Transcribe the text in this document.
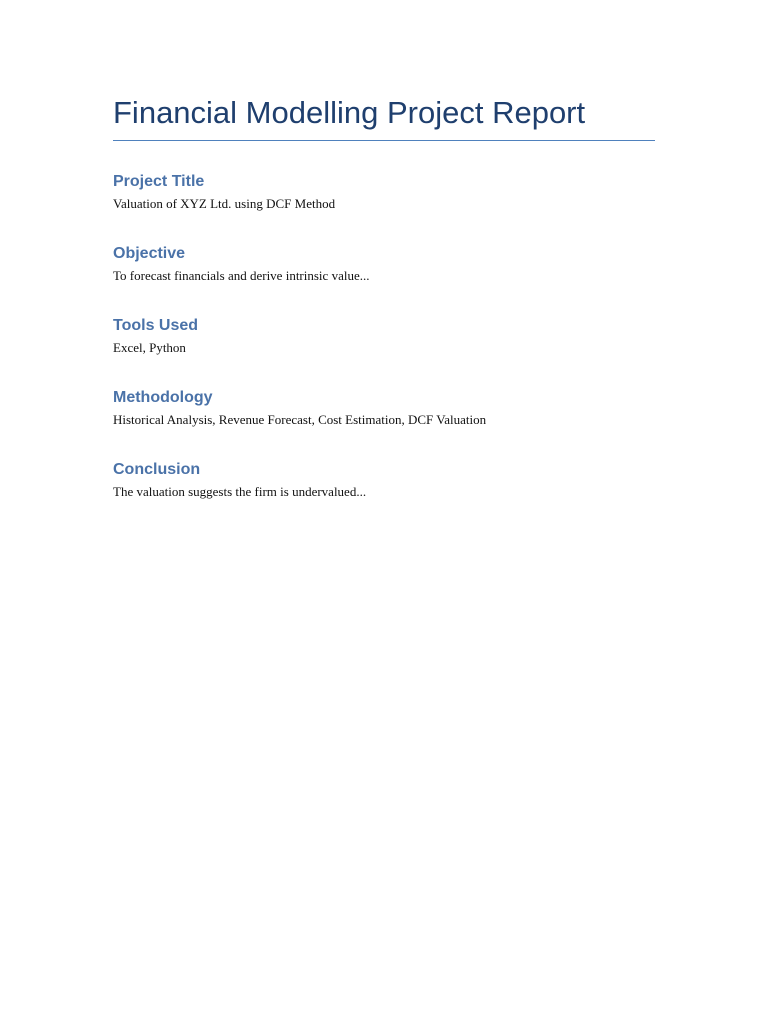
Financial Modelling Project Report
Project Title

Valuation of XYZ Ltd. using DCF Method

Objective

To forecast financials and derive intrinsic value...

Tools Used

Excel, Python

Methodology

Historical Analysis, Revenue Forecast, Cost Estimation, DCF Valuation

Conclusion

The valuation suggests the firm is undervalued...
